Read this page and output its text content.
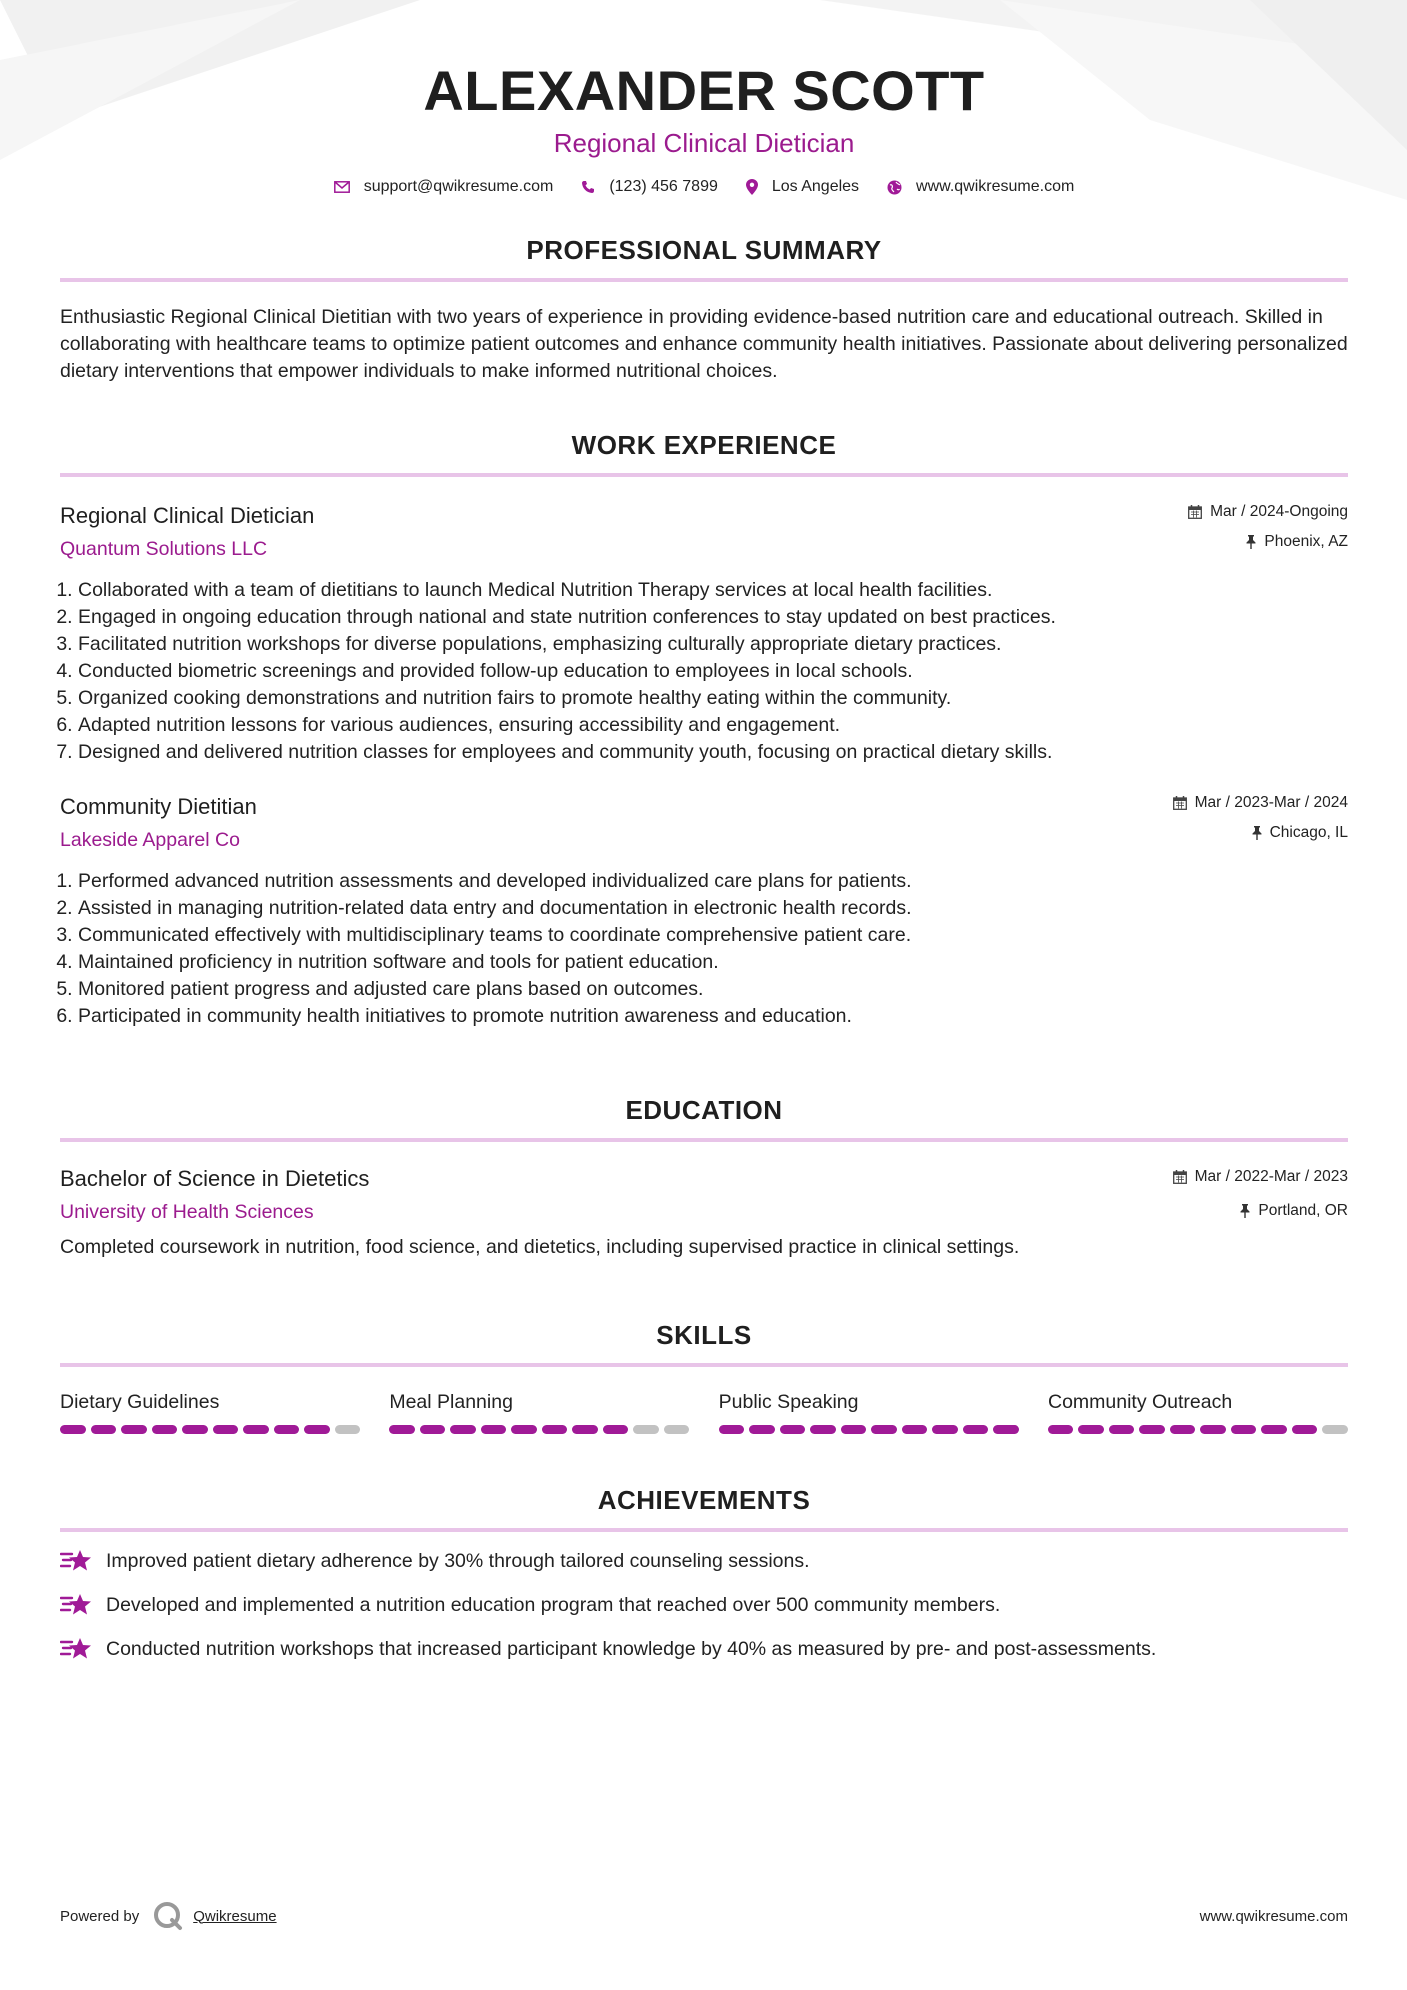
ALEXANDER SCOTT
Regional Clinical Dietician
support@qwikresume.com	(123) 456 7899	Los Angeles	www.qwikresume.com
PROFESSIONAL SUMMARY
Enthusiastic Regional Clinical Dietitian with two years of experience in providing evidence-based nutrition care and educational outreach. Skilled in collaborating with healthcare teams to optimize patient outcomes and enhance community health initiatives. Passionate about delivering personalized dietary interventions that empower individuals to make informed nutritional choices.
WORK EXPERIENCE
Mar / 2024-Ongoing
Phoenix, AZ
Regional Clinical Dietician
Quantum Solutions LLC
1. Collaborated with a team of dietitians to launch Medical Nutrition Therapy services at local health facilities.
2. Engaged in ongoing education through national and state nutrition conferences to stay updated on best practices.
3. Facilitated nutrition workshops for diverse populations, emphasizing culturally appropriate dietary practices.
4. Conducted biometric screenings and provided follow-up education to employees in local schools.
5. Organized cooking demonstrations and nutrition fairs to promote healthy eating within the community.
6. Adapted nutrition lessons for various audiences, ensuring accessibility and engagement.
7. Designed and delivered nutrition classes for employees and community youth, focusing on practical dietary skills.
Mar / 2023-Mar / 2024
Chicago, IL
Community Dietitian
Lakeside Apparel Co
1. Performed advanced nutrition assessments and developed individualized care plans for patients.
2. Assisted in managing nutrition-related data entry and documentation in electronic health records.
3. Communicated effectively with multidisciplinary teams to coordinate comprehensive patient care.
4. Maintained proficiency in nutrition software and tools for patient education.
5. Monitored patient progress and adjusted care plans based on outcomes.
6. Participated in community health initiatives to promote nutrition awareness and education.
EDUCATION
Mar / 2022-Mar / 2023
Portland, OR
Bachelor of Science in Dietetics
University of Health Sciences
Completed coursework in nutrition, food science, and dietetics, including supervised practice in clinical settings.
SKILLS
Dietary Guidelines	Meal Planning	Public Speaking	Community Outreach
ACHIEVEMENTS
Improved patient dietary adherence by 30% through tailored counseling sessions.
Developed and implemented a nutrition education program that reached over 500 community members.
Conducted nutrition workshops that increased participant knowledge by 40% as measured by pre- and post-assessments.
Powered by	Qwikresume	www.qwikresume.com
